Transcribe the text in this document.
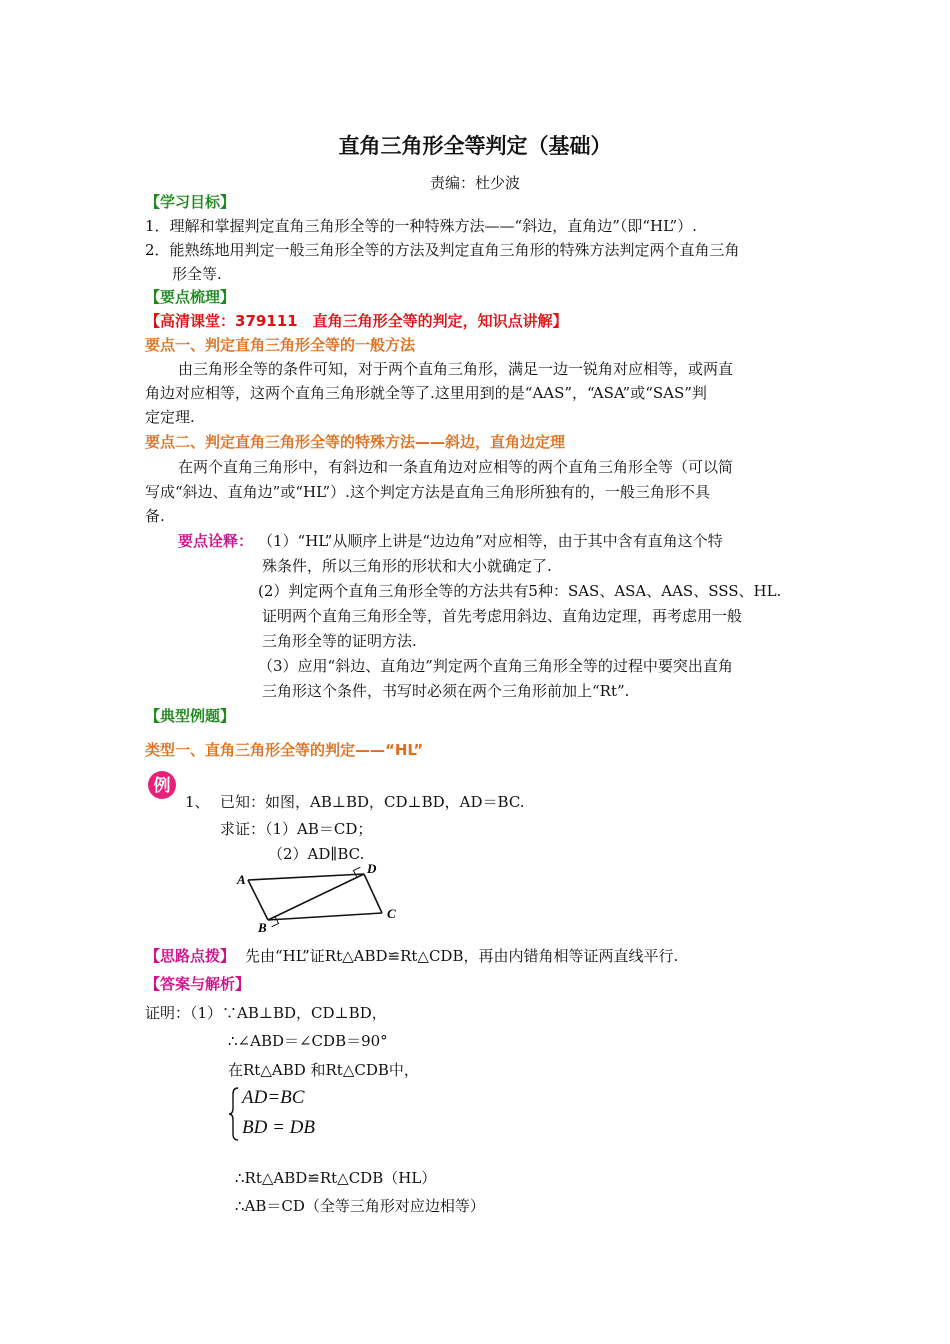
直角三角形全等判定（基础）
责编：杜少波
【学习目标】
1．理解和掌握判定直角三角形全等的一种特殊方法——“斜边，直角边”（即“HL”）.
2．能熟练地用判定一般三角形全等的方法及判定直角三角形的特殊方法判定两个直角三角
形全等.
【要点梳理】
【高清课堂：379111　直角三角形全等的判定，知识点讲解】
要点一、判定直角三角形全等的一般方法
由三角形全等的条件可知，对于两个直角三角形，满足一边一锐角对应相等，或两直
角边对应相等，这两个直角三角形就全等了.这里用到的是“AAS”，“ASA”或“SAS”判
定定理.
要点二、判定直角三角形全等的特殊方法——斜边，直角边定理
在两个直角三角形中，有斜边和一条直角边对应相等的两个直角三角形全等（可以简
写成“斜边、直角边”或“HL”）.这个判定方法是直角三角形所独有的，一般三角形不具
备.
要点诠释： （1）“HL”从顺序上讲是“边边角”对应相等，由于其中含有直角这个特
殊条件，所以三角形的形状和大小就确定了.
(2）判定两个直角三角形全等的方法共有5种：SAS、ASA、AAS、SSS、HL.
证明两个直角三角形全等，首先考虑用斜边、直角边定理，再考虑用一般
三角形全等的证明方法.
（3）应用“斜边、直角边”判定两个直角三角形全等的过程中要突出直角
三角形这个条件，书写时必须在两个三角形前加上“Rt”.
【典型例题】
类型一、直角三角形全等的判定——“HL”
例
1、 已知：如图，AB⊥BD，CD⊥BD，AD＝BC.
求证：（1）AB＝CD；
（2）AD∥BC.
A
B
C
D
【思路点拨】 先由“HL”证Rt△ABD≌Rt△CDB，再由内错角相等证两直线平行.
【答案与解析】
证明：（1）∵AB⊥BD，CD⊥BD，
∴∠ABD＝∠CDB＝90°
在Rt△ABD 和Rt△CDB中，
AD=BC
BD = DB
∴Rt△ABD≌Rt△CDB（HL）
∴AB＝CD（全等三角形对应边相等）
